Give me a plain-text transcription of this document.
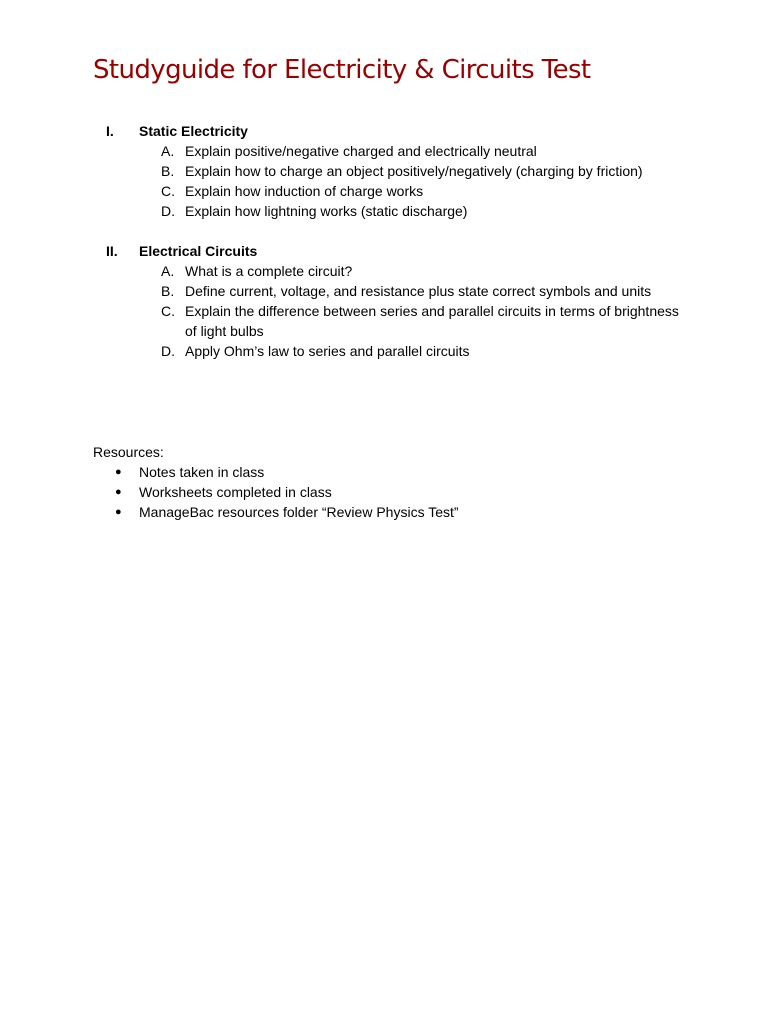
Studyguide for Electricity & Circuits Test
I. Static Electricity
A. Explain positive/negative charged and electrically neutral
B. Explain how to charge an object positively/negatively (charging by friction)
C. Explain how induction of charge works
D. Explain how lightning works (static discharge)
II. Electrical Circuits
A. What is a complete circuit?
B. Define current, voltage, and resistance plus state correct symbols and units
C. Explain the difference between series and parallel circuits in terms of brightness of light bulbs
D. Apply Ohm’s law to series and parallel circuits
Resources:
● Notes taken in class
● Worksheets completed in class
● ManageBac resources folder “Review Physics Test”
